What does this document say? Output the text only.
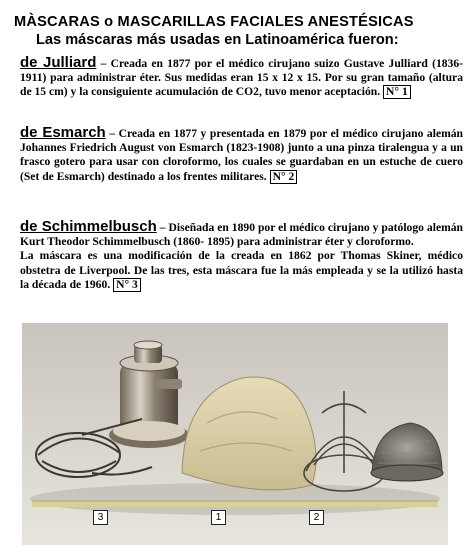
MÀSCARAS o MASCARILLAS FACIALES ANESTÉSICAS
Las máscaras más usadas en Latinoamérica fueron:
de Julliard – Creada en 1877 por el médico cirujano suizo Gustave Julliard (1836-1911) para administrar éter. Sus medidas eran 15 x 12 x 15. Por su gran tamaño (altura de 15 cm) y la consiguiente acumulación de CO2, tuvo menor aceptación. N° 1
de Esmarch – Creada en 1877 y presentada en 1879 por el médico cirujano alemán Johannes Friedrich August von Esmarch (1823-1908) junto a una pinza tiralengua y a un frasco gotero para usar con cloroformo, los cuales se guardaban en un estuche de cuero (Set de Esmarch) destinado a los frentes militares. N° 2
de Schimmelbusch – Diseñada en 1890 por el médico cirujano y patólogo alemán Kurt Theodor Schimmelbusch (1860- 1895) para administrar éter y cloroformo.
La máscara es una modificación de la creada en 1862 por Thomas Skiner, médico obstetra de Liverpool. De las tres, esta máscara fue la más empleada y se la utilizó hasta la década de 1960. N° 3
3	1	2
